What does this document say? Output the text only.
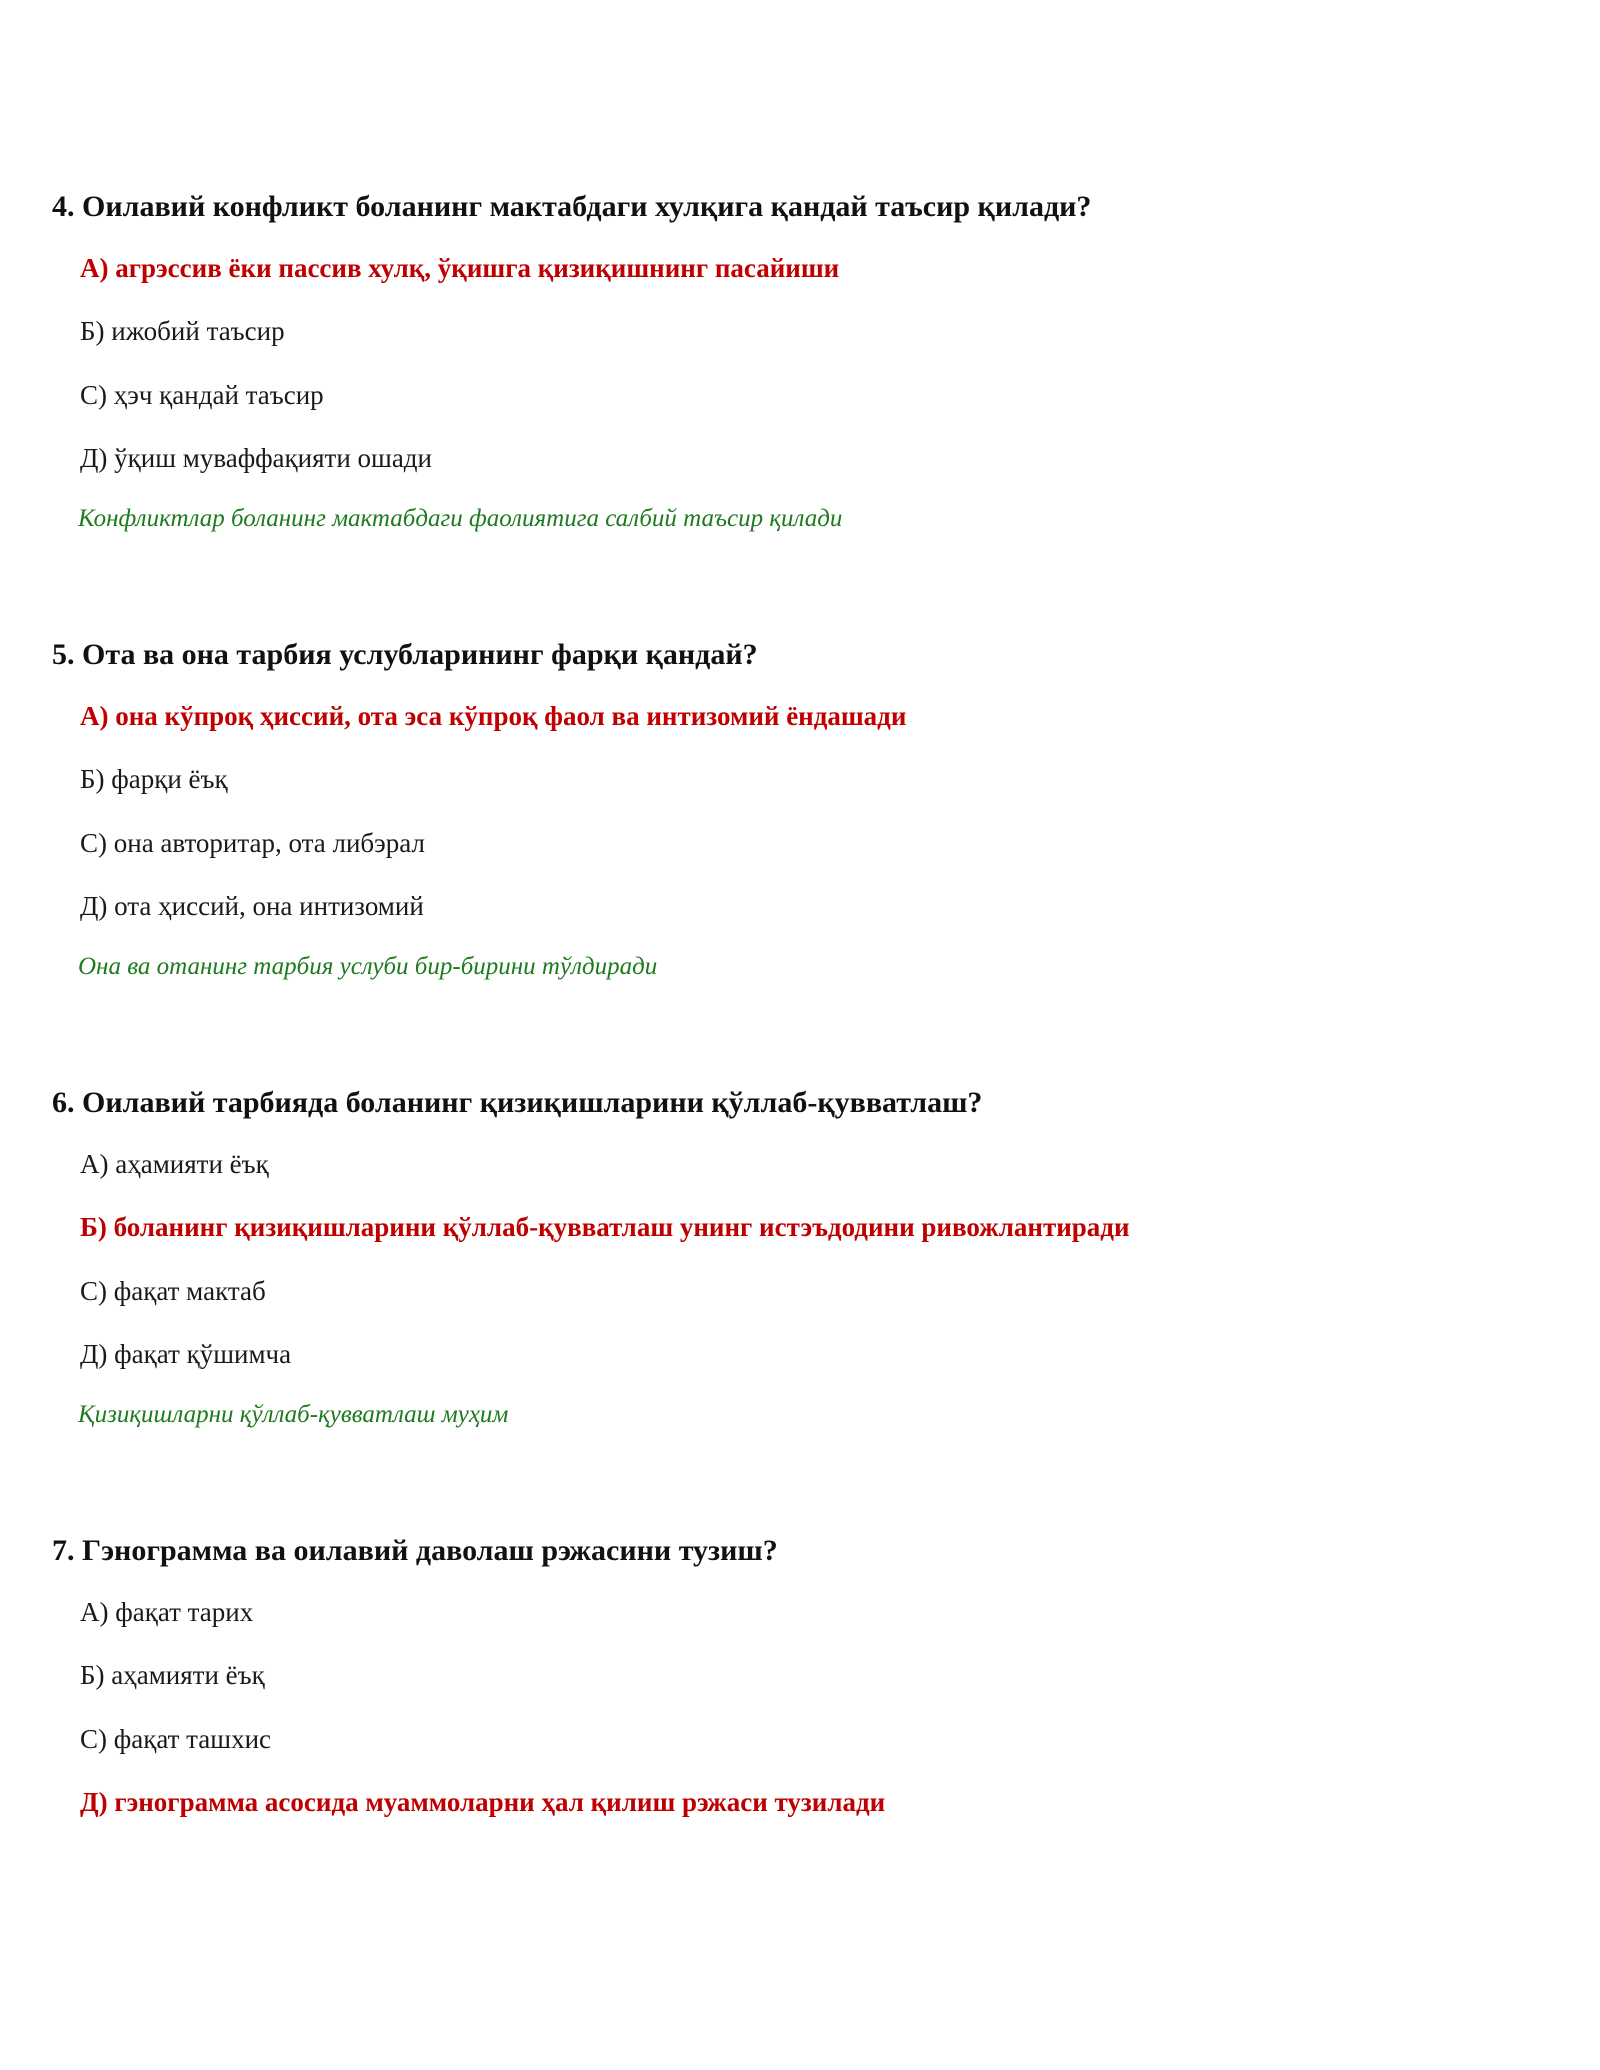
4. Оилавий конфликт боланинг мактабдаги хулқига қандай таъсир қилади?

А) агрэссив ёки пассив хулқ, ўқишга қизиқишнинг пасайиши
Б) ижобий таъсир
С) ҳэч қандай таъсир
Д) ўқиш муваффақияти ошади
Конфликтлар боланинг мактабдаги фаолиятига салбий таъсир қилади

5. Ота ва она тарбия услубларининг фарқи қандай?

А) она кўпроқ ҳиссий, ота эса кўпроқ фаол ва интизомий ёндашади
Б) фарқи ёъқ
С) она авторитар, ота либэрал
Д) ота ҳиссий, она интизомий
Она ва отанинг тарбия услуби бир-бирини тўлдиради

6. Оилавий тарбияда боланинг қизиқишларини қўллаб-қувватлаш?

А) аҳамияти ёъқ
Б) боланинг қизиқишларини қўллаб-қувватлаш унинг истэъдодини ривожлантиради
С) фақат мактаб
Д) фақат қўшимча
Қизиқишларни қўллаб-қувватлаш муҳим

7. Гэнограмма ва оилавий даволаш рэжасини тузиш?

А) фақат тарих
Б) аҳамияти ёъқ
С) фақат ташхис
Д) гэнограмма асосида муаммоларни ҳал қилиш рэжаси тузилади
